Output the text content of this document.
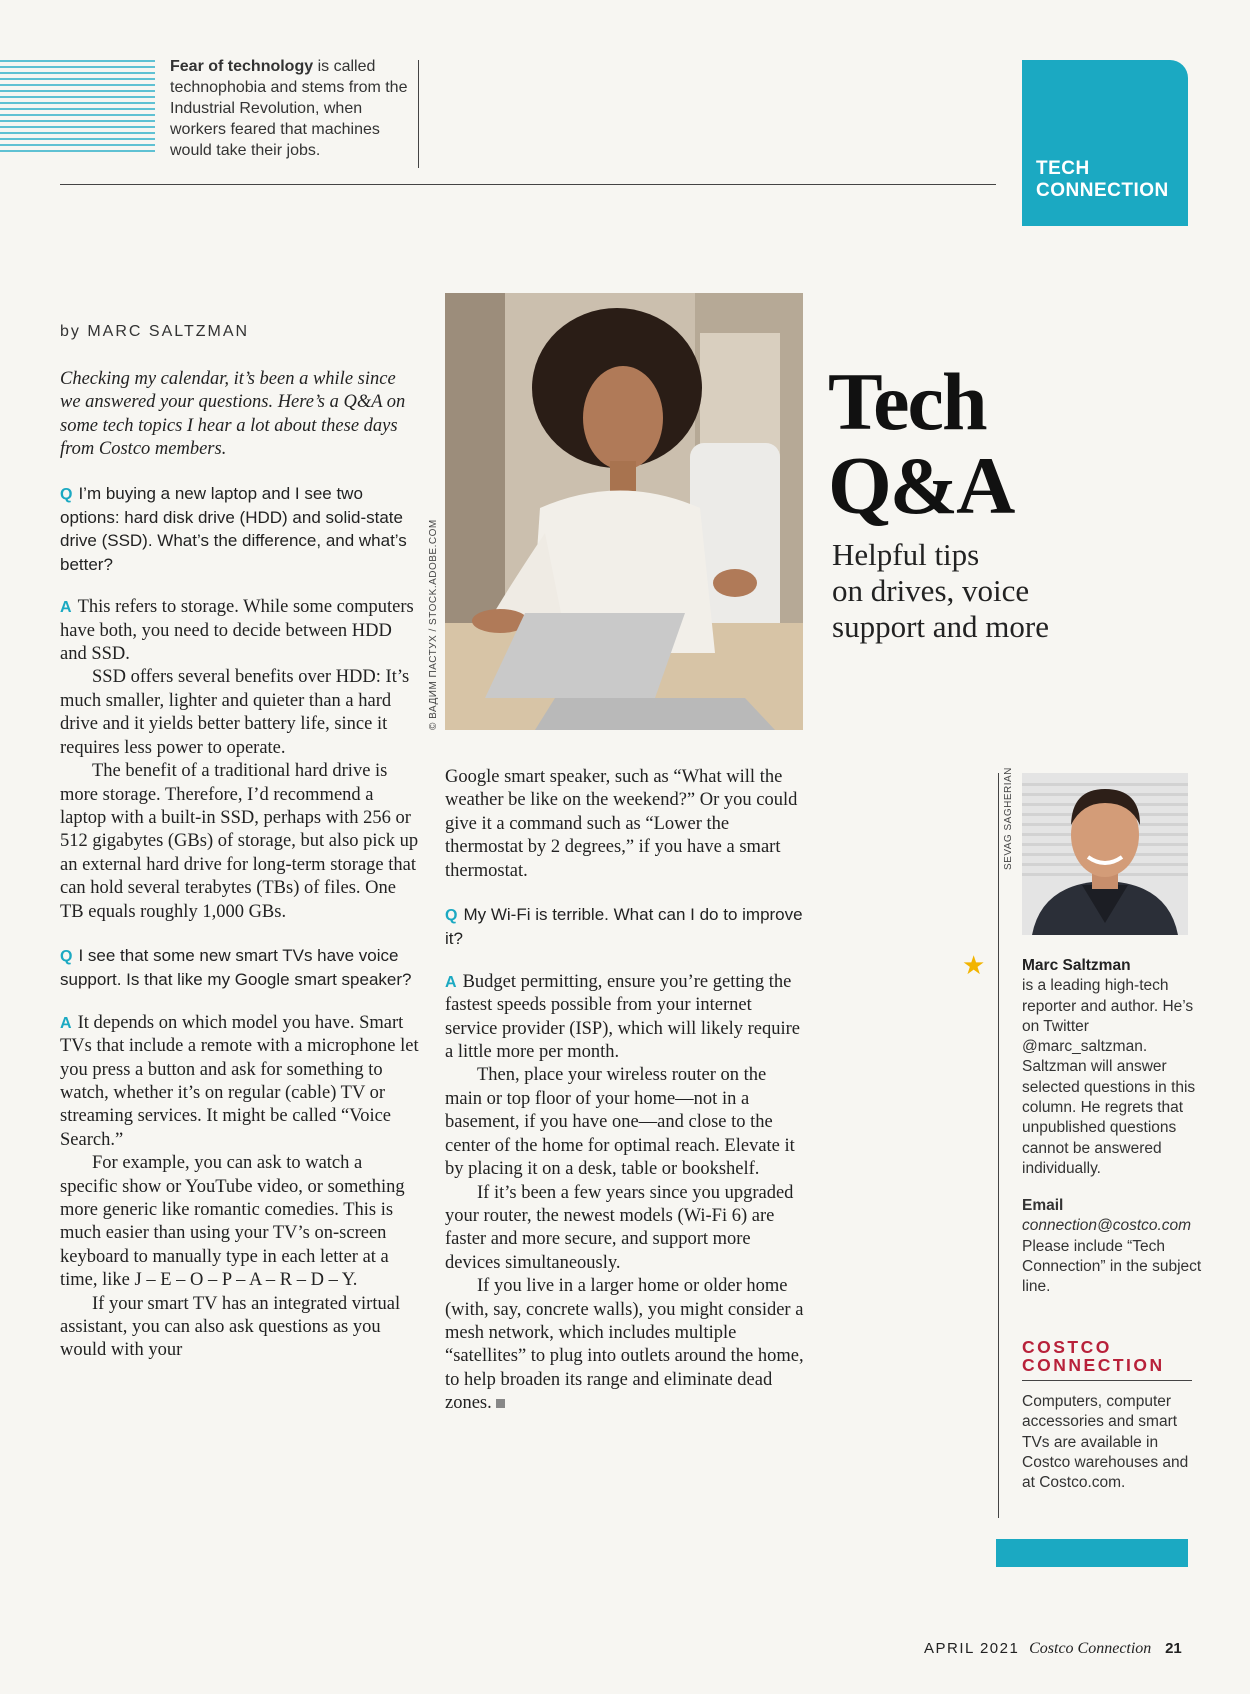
Fear of technology is called technophobia and stems from the Industrial Revolution, when workers feared that machines would take their jobs.
TECH
CONNECTION
by MARC SALTZMAN
© ВАДИМ ПАСТУХ / STOCK.ADOBE.COM
Tech
Q&A
Helpful tips
on drives, voice
support and more

Checking my calendar, it’s been a while since we answered your questions. Here’s a Q&A on some tech topics I hear a lot about these days from Costco members.

Q I’m buying a new laptop and I see two options: hard disk drive (HDD) and solid-state drive (SSD). What’s the difference, and what’s better?

A This refers to storage. While some computers have both, you need to decide between HDD and SSD.

SSD offers several benefits over HDD: It’s much smaller, lighter and quieter than a hard drive and it yields better battery life, since it requires less power to operate.

The benefit of a traditional hard drive is more storage. Therefore, I’d recommend a laptop with a built-in SSD, perhaps with 256 or 512 gigabytes (GBs) of storage, but also pick up an external hard drive for long-term storage that can hold several terabytes (TBs) of files. One TB equals roughly 1,000 GBs.

Q I see that some new smart TVs have voice support. Is that like my Google smart speaker?

A It depends on which model you have. Smart TVs that include a remote with a microphone let you press a button and ask for something to watch, whether it’s on regular (cable) TV or streaming services. It might be called “Voice Search.”

For example, you can ask to watch a specific show or YouTube video, or something more generic like romantic comedies. This is much easier than using your TV’s on-screen keyboard to manually type in each letter at a time, like J – E – O – P – A – R – D – Y.

If your smart TV has an integrated virtual assistant, you can also ask questions as you would with your

Google smart speaker, such as “What will the weather be like on the weekend?” Or you could give it a command such as “Lower the thermostat by 2 degrees,” if you have a smart thermostat.

Q My Wi-Fi is terrible. What can I do to improve it?

A Budget permitting, ensure you’re getting the fastest speeds possible from your internet service provider (ISP), which will likely require a little more per month.

Then, place your wireless router on the main or top floor of your home—not in a basement, if you have one—and close to the center of the home for optimal reach. Elevate it by placing it on a desk, table or bookshelf.

If it’s been a few years since you upgraded your router, the newest models (Wi-Fi 6) are faster and more secure, and support more devices simultaneously.

If you live in a larger home or older home (with, say, concrete walls), you might consider a mesh network, which includes multiple “satellites” to plug into outlets around the home, to help broaden its range and eliminate dead zones.

SEVAG SAGHERIAN
★ Marc Saltzman

is a leading high-tech reporter and author. He’s on Twitter @marc_saltzman. Saltzman will answer selected questions in this column. He regrets that unpublished questions cannot be answered individually.

Email

connection@costco.com

Please include “Tech Connection” in the subject line.

COSTCO
CONNECTION
Computers, computer accessories and smart TVs are available in Costco warehouses and at Costco.com.
APRIL 2021 Costco Connection 21
